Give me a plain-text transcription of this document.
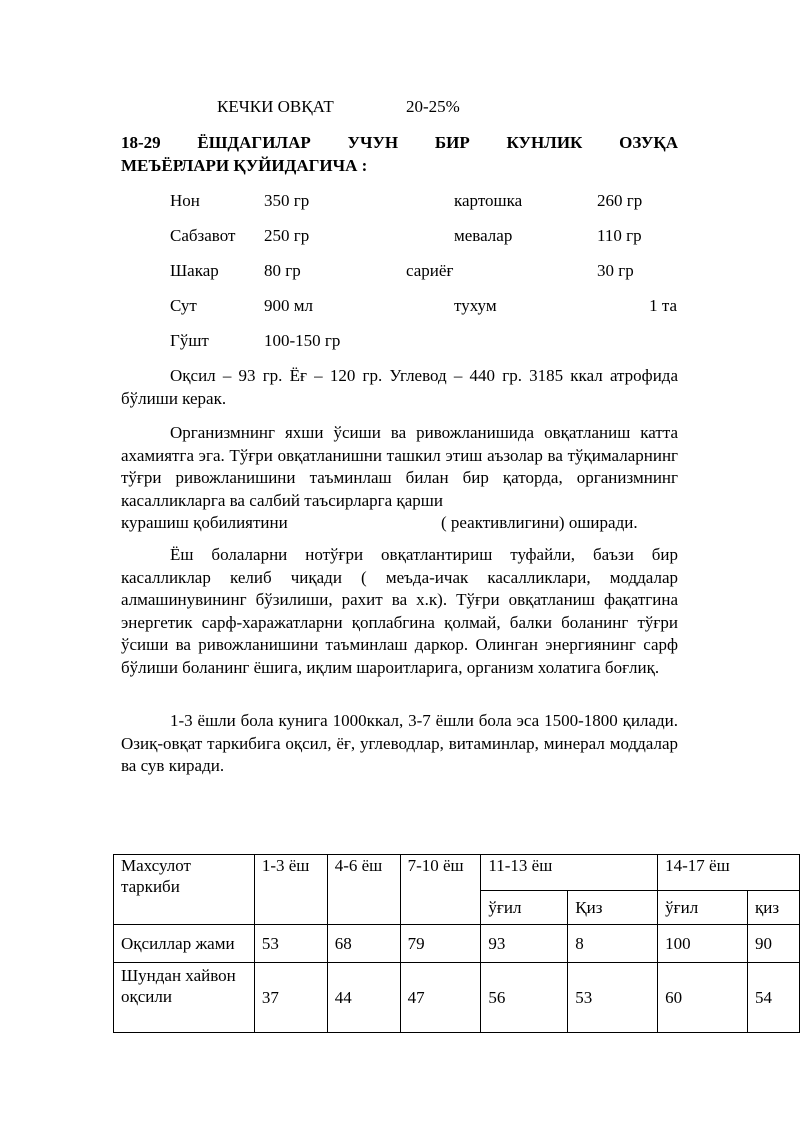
КЕЧКИ ОВҚАТ	20-25%
18-29 ЁШДАГИЛАР УЧУН БИР КУНЛИК ОЗУҚА
МЕЪЁРЛАРИ ҚУЙИДАГИЧА :
Нон	350 гр	картошка	260 гр
Сабзавот 250 гр	мевалар	110 гр
Шакар	80 гр	сариёғ	30 гр
Сут	900 мл	тухум	1 та
Гўшт	100-150 гр
Оқсил – 93 гр. Ёғ – 120 гр. Углевод – 440 гр. 3185 ккал атрофида бўлиши керак.
Организмнинг яхши ўсиши ва ривожланишида овқатланиш катта ахамиятга эга. Тўғри овқатланишни ташкил этиш аъзолар ва тўқималарнинг тўғри ривожланишини таъминлаш билан бир қаторда, организмнинг касалликларга ва салбий таъсирларга қарши
курашиш қобилиятини	( реактивлигини) оширади.
Ёш болаларни нотўғри овқатлантириш туфайли, баъзи бир касалликлар келиб чиқади ( меъда-ичак касалликлари, моддалар алмашинувининг бўзилиши, рахит ва х.к). Тўғри овқатланиш фақатгина энергетик сарф-харажатларни қоплабгина қолмай, балки боланинг тўғри ўсиши ва ривожланишини таъминлаш даркор. Олинган энергиянинг сарф бўлиши боланинг ёшига, иқлим шароитларига, организм холатига боғлиқ.
1-3 ёшли бола кунига 1000ккал, 3-7 ёшли бола эса 1500-1800 қилади. Озиқ-овқат таркибига оқсил, ёғ, углеводлар, витаминлар, минерал моддалар ва сув киради.
Махсулот таркиби	1-3 ёш	4-6 ёш	7-10 ёш	11-13 ёш		14-17 ёш	
				ўғил	Қиз	ўғил	қиз
Оқсиллар жами	53	68	79	93	8	100	90
Шундан хайвон оқсили	37	44	47	56	53	60	54
